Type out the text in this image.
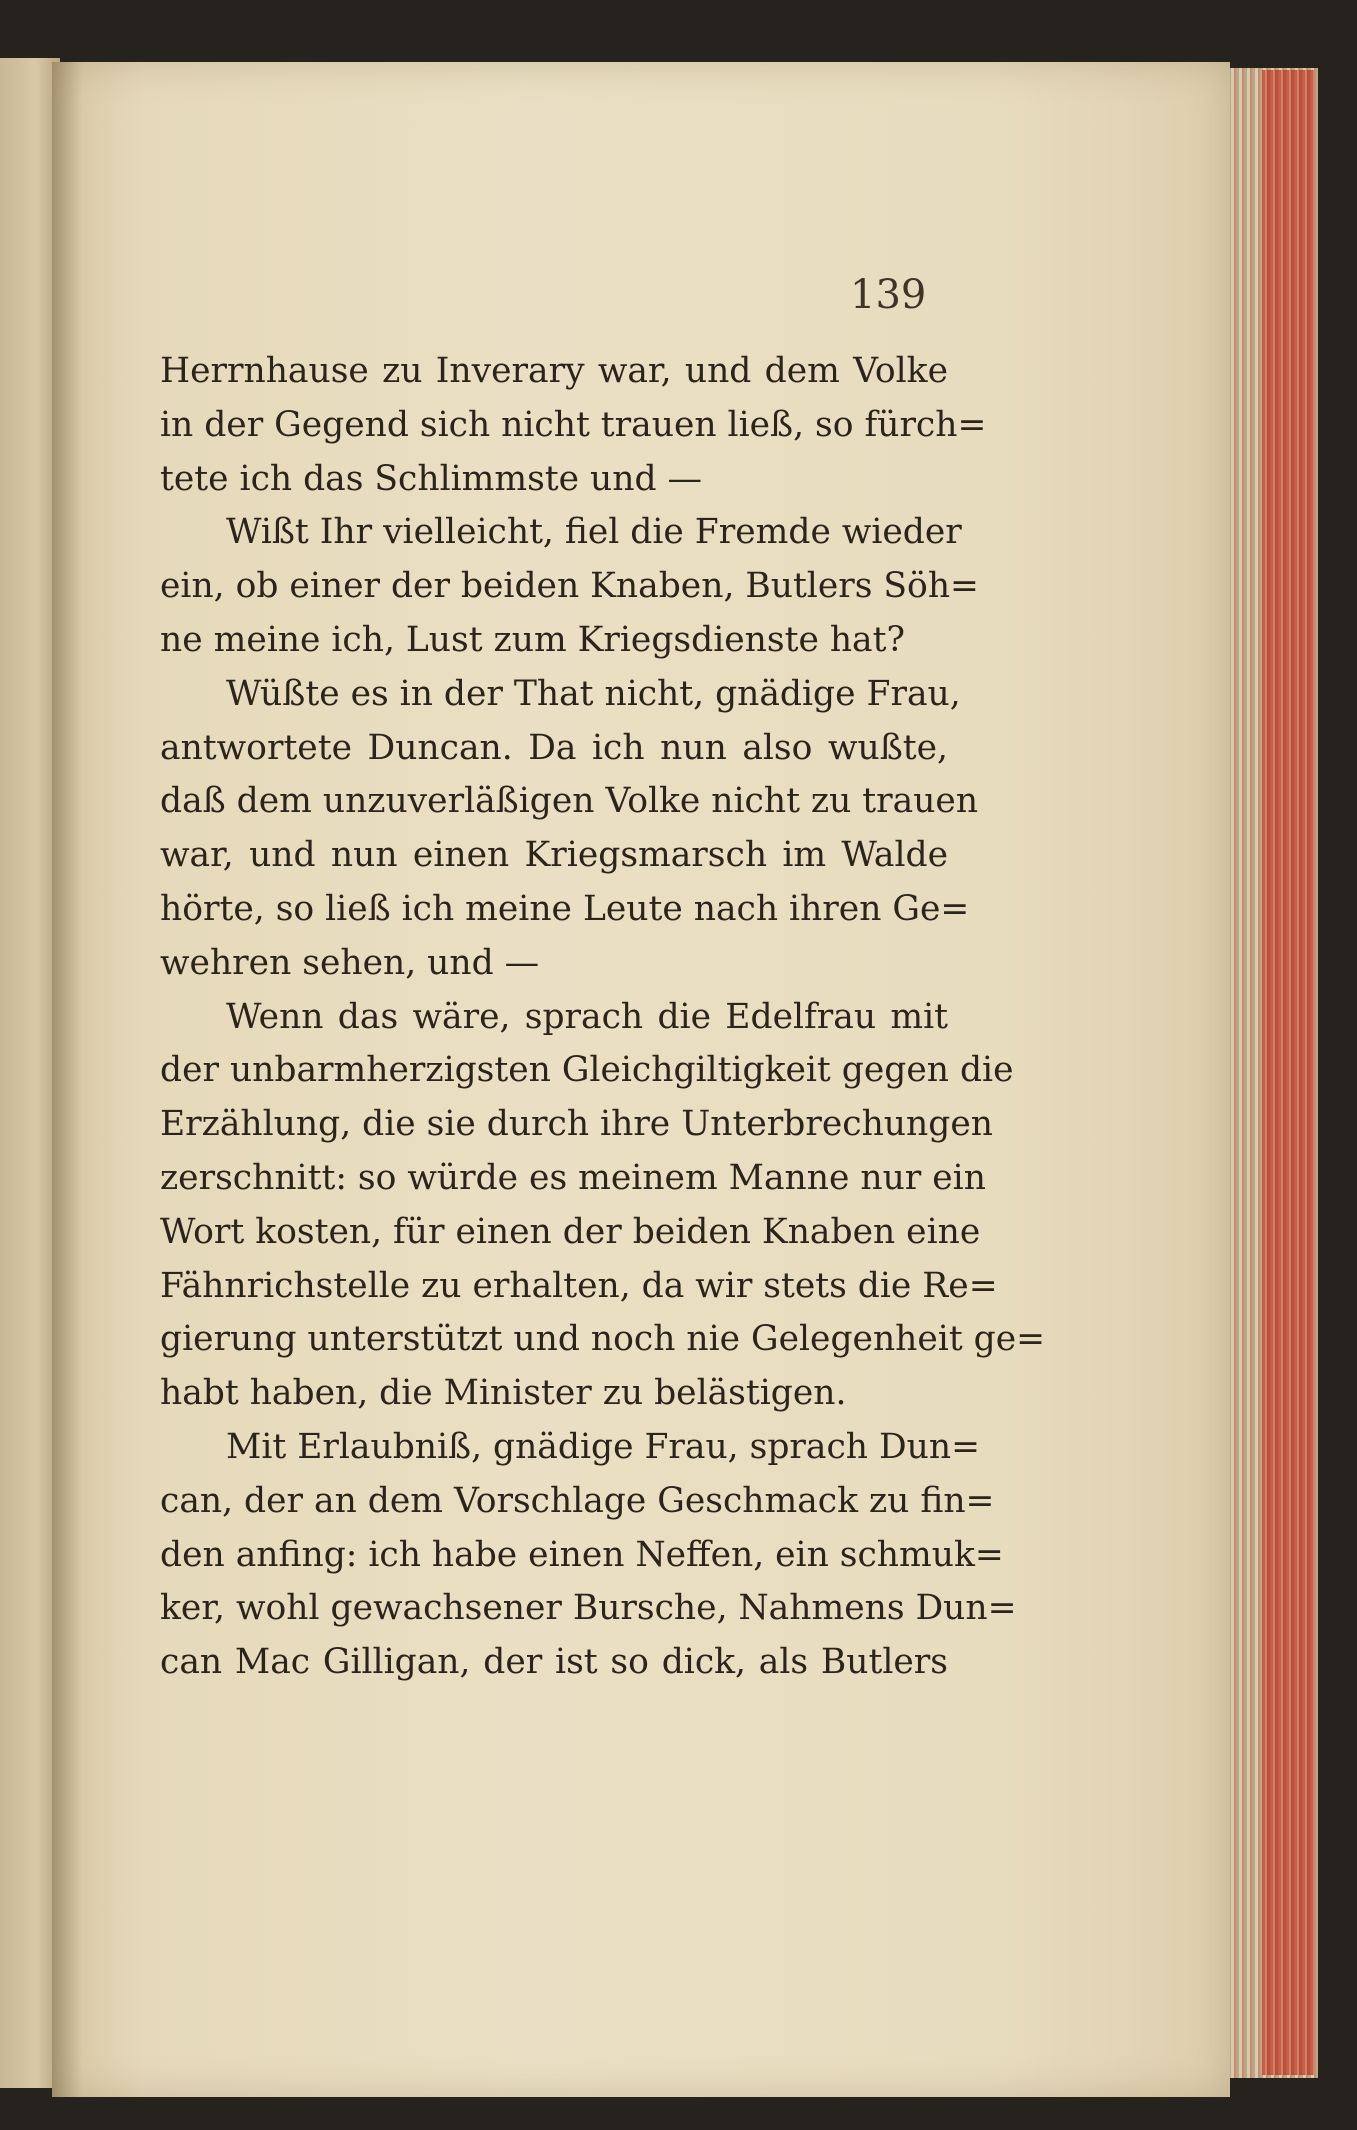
139
Herrnhause zu Inverary war, und dem Volke
in der Gegend sich nicht trauen ließ, so fürch=
tete ich das Schlimmste und —
Wißt Ihr vielleicht, fiel die Fremde wieder
ein, ob einer der beiden Knaben, Butlers Söh=
ne meine ich, Lust zum Kriegsdienste hat?
Wüßte es in der That nicht, gnädige Frau,
antwortete Duncan. Da ich nun also wußte,
daß dem unzuverläßigen Volke nicht zu trauen
war, und nun einen Kriegsmarsch im Walde
hörte, so ließ ich meine Leute nach ihren Ge=
wehren sehen, und —
Wenn das wäre, sprach die Edelfrau mit
der unbarmherzigsten Gleichgiltigkeit gegen die
Erzählung, die sie durch ihre Unterbrechungen
zerschnitt: so würde es meinem Manne nur ein
Wort kosten, für einen der beiden Knaben eine
Fähnrichstelle zu erhalten, da wir stets die Re=
gierung unterstützt und noch nie Gelegenheit ge=
habt haben, die Minister zu belästigen.
Mit Erlaubniß, gnädige Frau, sprach Dun=
can, der an dem Vorschlage Geschmack zu fin=
den anfing: ich habe einen Neffen, ein schmuk=
ker, wohl gewachsener Bursche, Nahmens Dun=
can Mac Gilligan, der ist so dick, als Butlers
